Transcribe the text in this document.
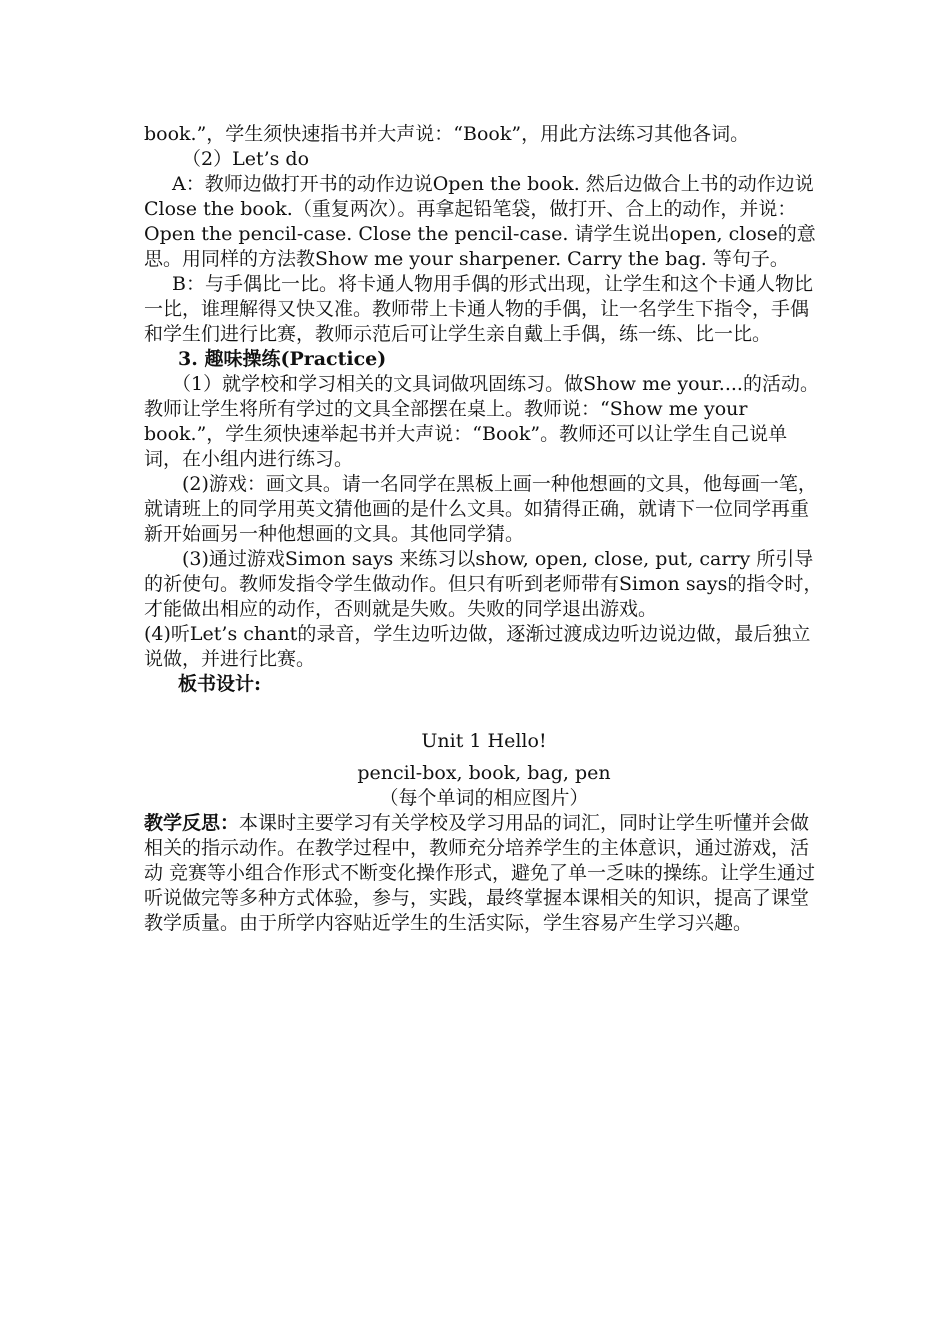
book.”，学生须快速指书并大声说：“Book”，用此方法练习其他各词。

（2）Let’s do

A：教师边做打开书的动作边说Open the book. 然后边做合上书的动作边说Close the book.（重复两次）。再拿起铅笔袋，做打开、合上的动作，并说：Open the pencil-case. Close the pencil-case. 请学生说出open, close的意思。用同样的方法教Show me your sharpener. Carry the bag. 等句子。

B：与手偶比一比。将卡通人物用手偶的形式出现，让学生和这个卡通人物比一比，谁理解得又快又准。教师带上卡通人物的手偶，让一名学生下指令，手偶和学生们进行比赛，教师示范后可让学生亲自戴上手偶，练一练、比一比。

3. 趣味操练(Practice)

（1）就学校和学习相关的文具词做巩固练习。做Show me your....的活动。教师让学生将所有学过的文具全部摆在桌上。教师说：“Show me your book.”，学生须快速举起书并大声说：“Book”。教师还可以让学生自己说单词，在小组内进行练习。

(2)游戏：画文具。请一名同学在黑板上画一种他想画的文具，他每画一笔，就请班上的同学用英文猜他画的是什么文具。如猜得正确，就请下一位同学再重新开始画另一种他想画的文具。其他同学猜。

(3)通过游戏Simon says 来练习以show, open, close, put, carry 所引导的祈使句。教师发指令学生做动作。但只有听到老师带有Simon says的指令时，才能做出相应的动作，否则就是失败。失败的同学退出游戏。

(4)听Let’s chant的录音，学生边听边做，逐渐过渡成边听边说边做，最后独立说做，并进行比赛。

板书设计:

Unit 1 Hello!

pencil-box, book, bag, pen

（每个单词的相应图片）

教学反思：本课时主要学习有关学校及学习用品的词汇，同时让学生听懂并会做相关的指示动作。在教学过程中，教师充分培养学生的主体意识，通过游戏，活动 竞赛等小组合作形式不断变化操作形式，避免了单一乏味的操练。让学生通过听说做完等多种方式体验，参与，实践，最终掌握本课相关的知识，提高了课堂教学质量。由于所学内容贴近学生的生活实际，学生容易产生学习兴趣。
